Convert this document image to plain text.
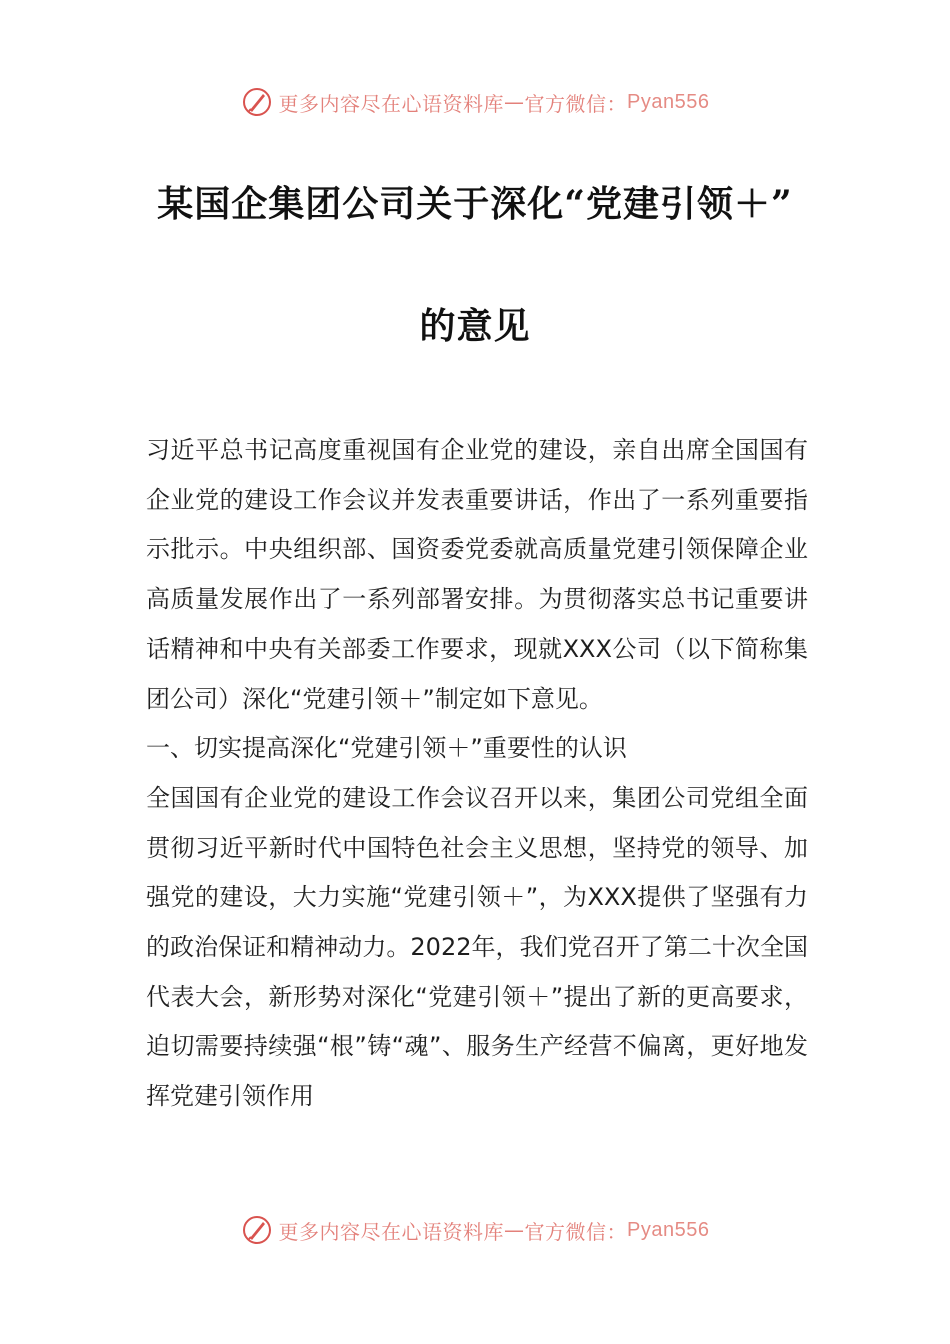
更多内容尽在心语资料库 — 官方微信： Pyan556
某国企集团公司关于深化“党建引领＋”
的意见

习近平总书记高度重视国有企业党的建设，亲自出席全国国有企业党的建设工作会议并发表重要讲话，作出了一系列重要指示批示。中央组织部、国资委党委就高质量党建引领保障企业高质量发展作出了一系列部署安排。为贯彻落实总书记重要讲话精神和中央有关部委工作要求，现就XXX公司（以下简称集团公司）深化“党建引领＋”制定如下意见。

一、切实提高深化“党建引领＋”重要性的认识

全国国有企业党的建设工作会议召开以来，集团公司党组全面贯彻习近平新时代中国特色社会主义思想，坚持党的领导、加强党的建设，大力实施“党建引领＋”，为XXX提供了坚强有力的政治保证和精神动力。2022年，我们党召开了第二十次全国代表大会，新形势对深化“党建引领＋”提出了新的更高要求，迫切需要持续强“根”铸“魂”、服务生产经营不偏离，更好地发挥党建引领作用

更多内容尽在心语资料库 — 官方微信： Pyan556
